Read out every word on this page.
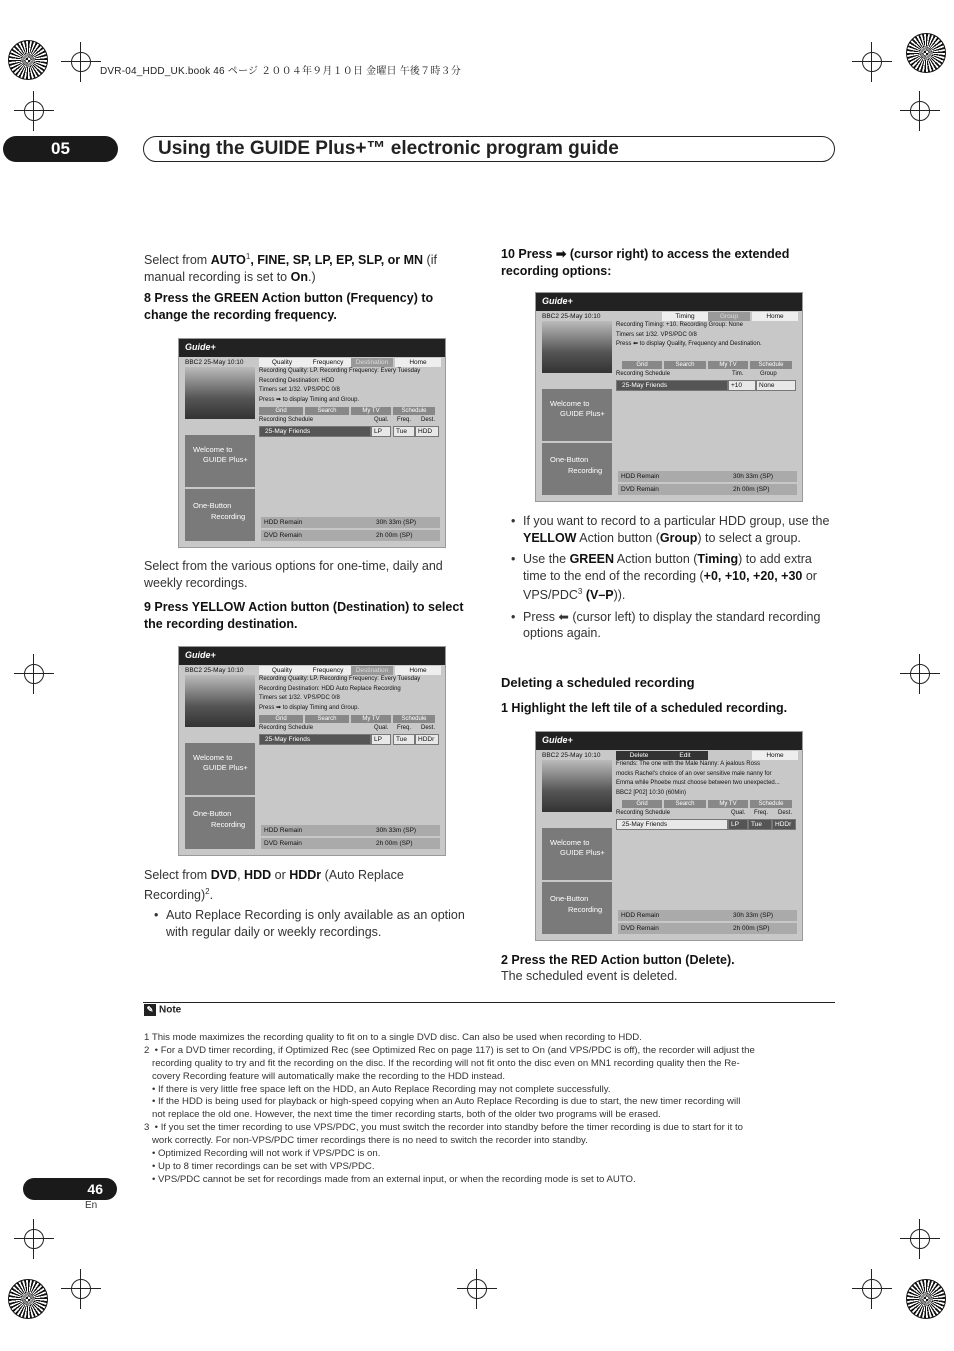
DVR-04_HDD_UK.book 46 ページ ２００４年９月１０日 金曜日 午後７時３分
05	Using the GUIDE Plus+™ electronic program guide
Select from AUTO$^1$, FINE, SP, LP, EP, SLP, or MN (if manual recording is set to On.)
8 Press the GREEN Action button (Frequency) to change the recording frequency.
Guide+
BBC2 25-May 10:10	Quality	Frequency	Destination	Home
Recording Quality: LP. Recording Frequency: Every Tuesday
Recording Destination: HDD
Timers set 1/32. VPS/PDC 0/8
Press ➡ to display Timing and Group.
Grid	Search	My TV	Schedule
Recording Schedule	Qual. Freq. Dest.
25-May Friends	LP	Tue	HDD
Welcome to
GUIDE Plus+
One-Button
Recording
HDD Remain	30h 33m (SP)
DVD Remain	2h 00m (SP)
Select from the various options for one-time, daily and weekly recordings.
9 Press YELLOW Action button (Destination) to select the recording destination.
Guide+
BBC2 25-May 10:10	Quality	Frequency	Destination	Home
Recording Quality: LP. Recording Frequency: Every Tuesday
Recording Destination: HDD Auto Replace Recording
Timers set 1/32. VPS/PDC 0/8
Press ➡ to display Timing and Group.
Grid	Search	My TV	Schedule
Recording Schedule	Qual. Freq. Dest.
25-May Friends	LP	Tue	HDDr
Welcome to
GUIDE Plus+
One-Button
Recording
HDD Remain	30h 33m (SP)
DVD Remain	2h 00m (SP)
Select from DVD, HDD or HDDr (Auto Replace Recording)$^2$.
• Auto Replace Recording is only available as an option with regular daily or weekly recordings.
10 Press ➡ (cursor right) to access the extended recording options:
Guide+
BBC2 25-May 10:10	Timing	Group	Home
Recording Timing: +10. Recording Group: None
Timers set 1/32. VPS/PDC 0/8
Press ⬅ to display Quality, Frequency and Destination.
Grid	Search	My TV	Schedule
Recording Schedule	Tim.	Group
25-May Friends	+10	None
Welcome to
GUIDE Plus+
One-Button
Recording
HDD Remain	30h 33m (SP)
DVD Remain	2h 00m (SP)
• If you want to record to a particular HDD group, use the YELLOW Action button (Group) to select a group.
• Use the GREEN Action button (Timing) to add extra time to the end of the recording (+0, +10, +20, +30 or VPS/PDC$^3$ (V–P)).
• Press ⬅ (cursor left) to display the standard recording options again.
Deleting a scheduled recording
1 Highlight the left tile of a scheduled recording.
Guide+
BBC2 25-May 10:10	Delete	Edit	Home
Friends: The one with the Male Nanny: A jealous Ross
mocks Rachel's choice of an over sensitive male nanny for
Emma while Phoebe must choose between two unexpected...
BBC2 [P02] 10:30 (60Min)
Grid	Search	My TV	Schedule
Recording Schedule	Qual. Freq. Dest.
25-May Friends	LP	Tue	HDDr
Welcome to
GUIDE Plus+
One-Button
Recording
HDD Remain	30h 33m (SP)
DVD Remain	2h 00m (SP)
2 Press the RED Action button (Delete).
The scheduled event is deleted.
✎ Note

1 This mode maximizes the recording quality to fit on to a single DVD disc. Can also be used when recording to HDD.
2  • For a DVD timer recording, if Optimized Rec (see Optimized Rec on page 117) is set to On (and VPS/PDC is off), the recorder will adjust the
recording quality to try and fit the recording on the disc. If the recording will not fit onto the disc even on MN1 recording quality then the Re-
covery Recording feature will automatically make the recording to the HDD instead.
• If there is very little free space left on the HDD, an Auto Replace Recording may not complete successfully.
• If the HDD is being used for playback or high-speed copying when an Auto Replace Recording is due to start, the new timer recording will
not replace the old one. However, the next time the timer recording starts, both of the older two programs will be erased.
3  • If you set the timer recording to use VPS/PDC, you must switch the recorder into standby before the timer recording is due to start for it to
work correctly. For non-VPS/PDC timer recordings there is no need to switch the recorder into standby.
• Optimized Recording will not work if VPS/PDC is on.
• Up to 8 timer recordings can be set with VPS/PDC.
• VPS/PDC cannot be set for recordings made from an external input, or when the recording mode is set to AUTO.

46
En
